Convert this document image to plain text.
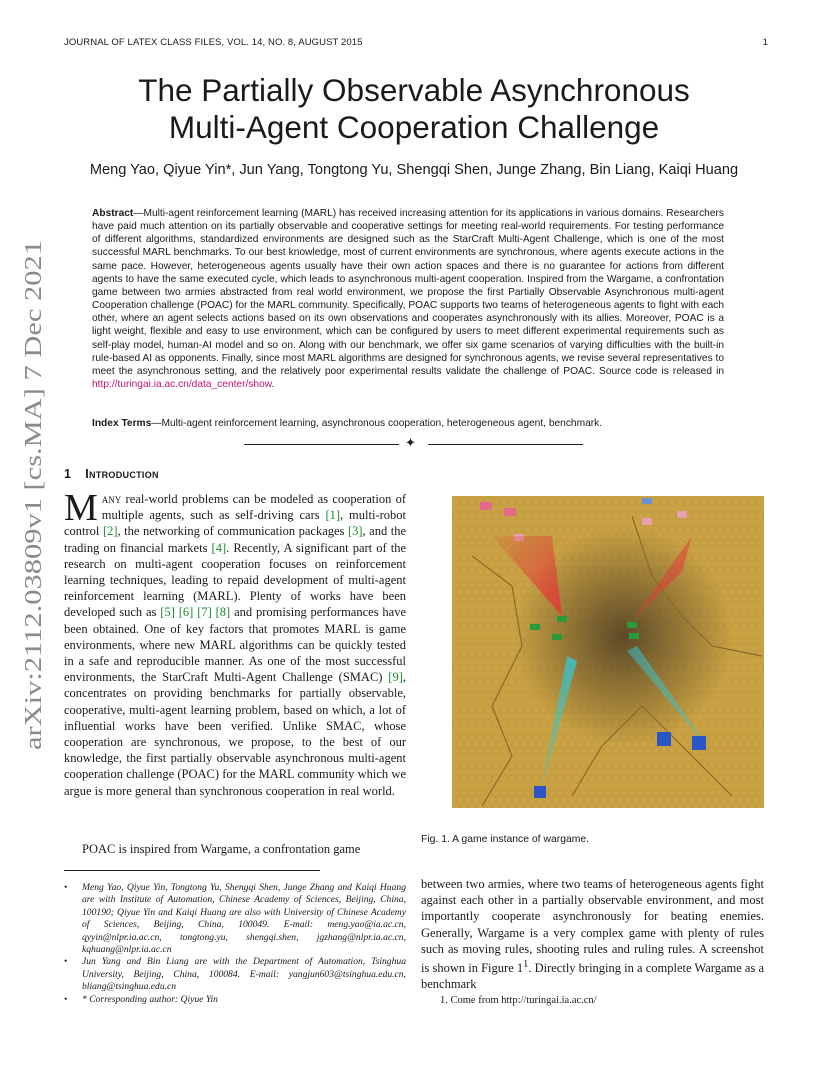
JOURNAL OF LATEX CLASS FILES, VOL. 14, NO. 8, AUGUST 2015	1
arXiv:2112.03809v1 [cs.MA] 7 Dec 2021
The Partially Observable Asynchronous
Multi-Agent Cooperation Challenge
Meng Yao, Qiyue Yin*, Jun Yang, Tongtong Yu, Shengqi Shen, Junge Zhang, Bin Liang, Kaiqi Huang
Abstract—Multi-agent reinforcement learning (MARL) has received increasing attention for its applications in various domains. Researchers have paid much attention on its partially observable and cooperative settings for meeting real-world requirements. For testing performance of different algorithms, standardized environments are designed such as the StarCraft Multi-Agent Challenge, which is one of the most successful MARL benchmarks. To our best knowledge, most of current environments are synchronous, where agents execute actions in the same pace. However, heterogeneous agents usually have their own action spaces and there is no guarantee for actions from different agents to have the same executed cycle, which leads to asynchronous multi-agent cooperation. Inspired from the Wargame, a confrontation game between two armies abstracted from real world environment, we propose the first Partially Observable Asynchronous multi-agent Cooperation challenge (POAC) for the MARL community. Specifically, POAC supports two teams of heterogeneous agents to fight with each other, where an agent selects actions based on its own observations and cooperates asynchronously with its allies. Moreover, POAC is a light weight, flexible and easy to use environment, which can be configured by users to meet different experimental requirements such as self-play model, human-AI model and so on. Along with our benchmark, we offer six game scenarios of varying difficulties with the built-in rule-based AI as opponents. Finally, since most MARL algorithms are designed for synchronous agents, we revise several representatives to meet the asynchronous setting, and the relatively poor experimental results validate the challenge of POAC. Source code is released in http://turingai.ia.ac.cn/data_center/show.
Index Terms—Multi-agent reinforcement learning, asynchronous cooperation, heterogeneous agent, benchmark.
✦
1 Introduction
Many real-world problems can be modeled as cooperation of multiple agents, such as self-driving cars [1], multi-robot control [2], the networking of communication packages [3], and the trading on financial markets [4]. Recently, A significant part of the research on multi-agent cooperation focuses on reinforcement learning techniques, leading to repaid development of multi-agent reinforcement learning (MARL). Plenty of works have been developed such as [5] [6] [7] [8] and promising performances have been obtained. One of key factors that promotes MARL is game environments, where new MARL algorithms can be quickly tested in a safe and reproducible manner. As one of the most successful environments, the StarCraft Multi-Agent Challenge (SMAC) [9], concentrates on providing benchmarks for partially observable, cooperative, multi-agent learning problem, based on which, a lot of influential works have been verified. Unlike SMAC, whose cooperation are synchronous, we propose, to the best of our knowledge, the first partially observable asynchronous multi-agent cooperation challenge (POAC) for the MARL community which we argue is more general than synchronous cooperation in real world.
POAC is inspired from Wargame, a confrontation game
• Meng Yao, Qiyue Yin, Tongtong Yu, Shengqi Shen, Junge Zhang and Kaiqi Huang are with Institute of Automation, Chinese Academy of Sciences, Beijing, China, 100190; Qiyue Yin and Kaiqi Huang are also with University of Chinese Academy of Sciences, Beijing, China, 100049. E-mail: meng.yao@ia.ac.cn, qyyin@nlpr.ia.ac.cn, tongtong.yu, shengqi.shen, jgzhang@nlpr.ia.ac.cn, kqhuang@nlpr.ia.ac.cn
• Jun Yang and Bin Liang are with the Department of Automation, Tsinghua University, Beijing, China, 100084. E-mail: yangjun603@tsinghua.edu.cn, bliang@tsinghua.edu.cn
• * Corresponding author: Qiyue Yin
Fig. 1. A game instance of wargame.
between two armies, where two teams of heterogeneous agents fight against each other in a partially observable environment, and most importantly cooperate asynchronously for beating enemies. Generally, Wargame is a very complex game with plenty of rules such as moving rules, shooting rules and ruling rules. A screenshot is shown in Figure $1^1$. Directly bringing in a complete Wargame as a benchmark
1. Come from http://turingai.ia.ac.cn/
